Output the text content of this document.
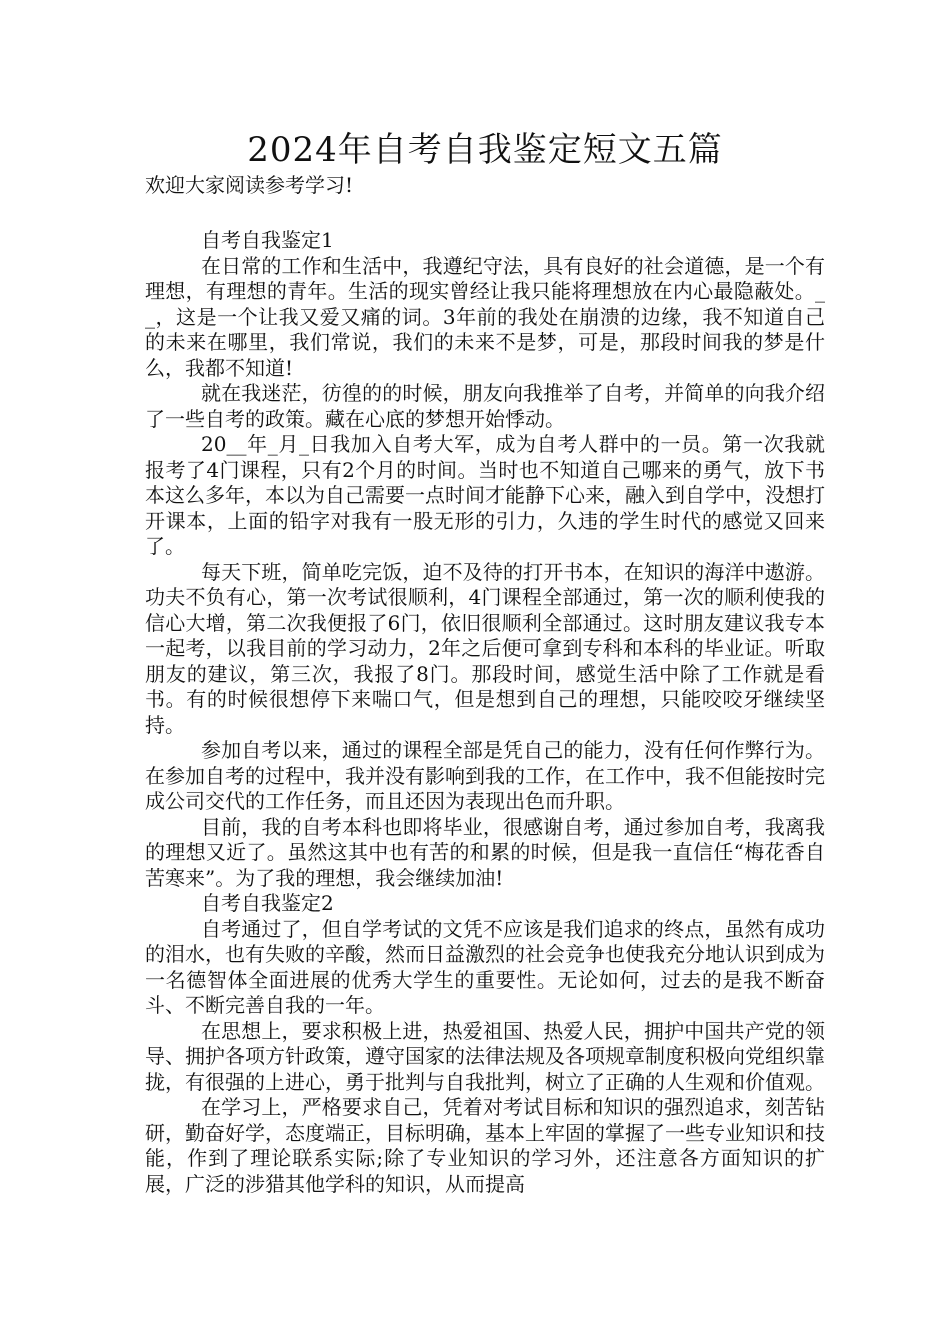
2024年自考自我鉴定短文五篇
欢迎大家阅读参考学习!

自考自我鉴定1

在日常的工作和生活中，我遵纪守法，具有良好的社会道德，是一个有理想，有理想的青年。生活的现实曾经让我只能将理想放在内心最隐蔽处。__，这是一个让我又爱又痛的词。3年前的我处在崩溃的边缘，我不知道自己的未来在哪里，我们常说，我们的未来不是梦，可是，那段时间我的梦是什么，我都不知道!

就在我迷茫，彷徨的的时候，朋友向我推举了自考，并简单的向我介绍了一些自考的政策。藏在心底的梦想开始悸动。

20__年_月_日我加入自考大军，成为自考人群中的一员。第一次我就报考了4门课程，只有2个月的时间。当时也不知道自己哪来的勇气，放下书本这么多年，本以为自己需要一点时间才能静下心来，融入到自学中，没想打开课本，上面的铅字对我有一股无形的引力，久违的学生时代的感觉又回来了。

每天下班，简单吃完饭，迫不及待的打开书本，在知识的海洋中遨游。功夫不负有心，第一次考试很顺利，4门课程全部通过，第一次的顺利使我的信心大增，第二次我便报了6门，依旧很顺利全部通过。这时朋友建议我专本一起考，以我目前的学习动力，2年之后便可拿到专科和本科的毕业证。听取朋友的建议，第三次，我报了8门。那段时间，感觉生活中除了工作就是看书。有的时候很想停下来喘口气，但是想到自己的理想，只能咬咬牙继续坚持。

参加自考以来，通过的课程全部是凭自己的能力，没有任何作弊行为。在参加自考的过程中，我并没有影响到我的工作，在工作中，我不但能按时完成公司交代的工作任务，而且还因为表现出色而升职。

目前，我的自考本科也即将毕业，很感谢自考，通过参加自考，我离我的理想又近了。虽然这其中也有苦的和累的时候，但是我一直信任“梅花香自苦寒来”。为了我的理想，我会继续加油!

自考自我鉴定2

自考通过了，但自学考试的文凭不应该是我们追求的终点，虽然有成功的泪水，也有失败的辛酸，然而日益激烈的社会竞争也使我充分地认识到成为一名德智体全面进展的优秀大学生的重要性。无论如何，过去的是我不断奋斗、不断完善自我的一年。

在思想上，要求积极上进，热爱祖国、热爱人民，拥护中国共产党的领导、拥护各项方针政策，遵守国家的法律法规及各项规章制度积极向党组织靠拢，有很强的上进心，勇于批判与自我批判，树立了正确的人生观和价值观。

在学习上，严格要求自己，凭着对考试目标和知识的强烈追求，刻苦钻研，勤奋好学，态度端正，目标明确，基本上牢固的掌握了一些专业知识和技能，作到了理论联系实际;除了专业知识的学习外，还注意各方面知识的扩展，广泛的涉猎其他学科的知识，从而提高
